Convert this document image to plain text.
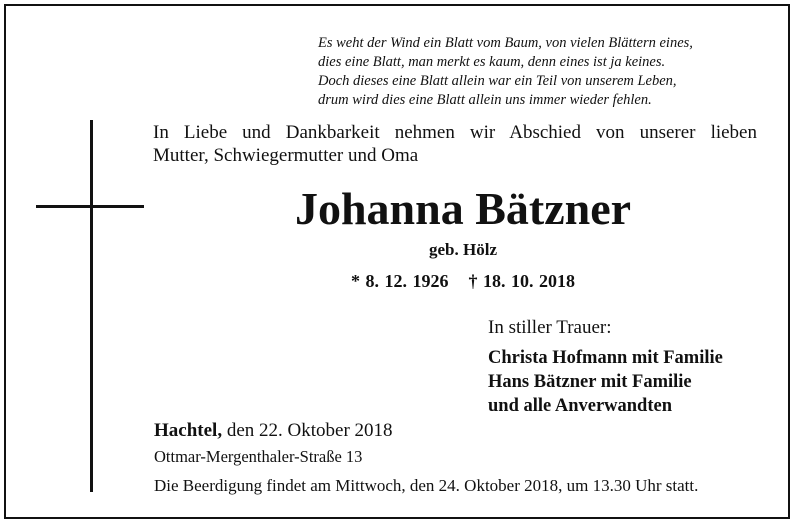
Es weht der Wind ein Blatt vom Baum, von vielen Blättern eines,
dies eine Blatt, man merkt es kaum, denn eines ist ja keines.
Doch dieses eine Blatt allein war ein Teil von unserem Leben,
drum wird dies eine Blatt allein uns immer wieder fehlen.
In Liebe und Dankbarkeit nehmen wir Abschied von unserer lieben
Mutter, Schwiegermutter und Oma
Johanna Bätzner
geb. Hölz
* 8. 12. 1926 † 18. 10. 2018
In stiller Trauer:
Christa Hofmann mit Familie
Hans Bätzner mit Familie
und alle Anverwandten
Hachtel, den 22. Oktober 2018
Ottmar-Mergenthaler-Straße 13
Die Beerdigung findet am Mittwoch, den 24. Oktober 2018, um 13.30 Uhr statt.
